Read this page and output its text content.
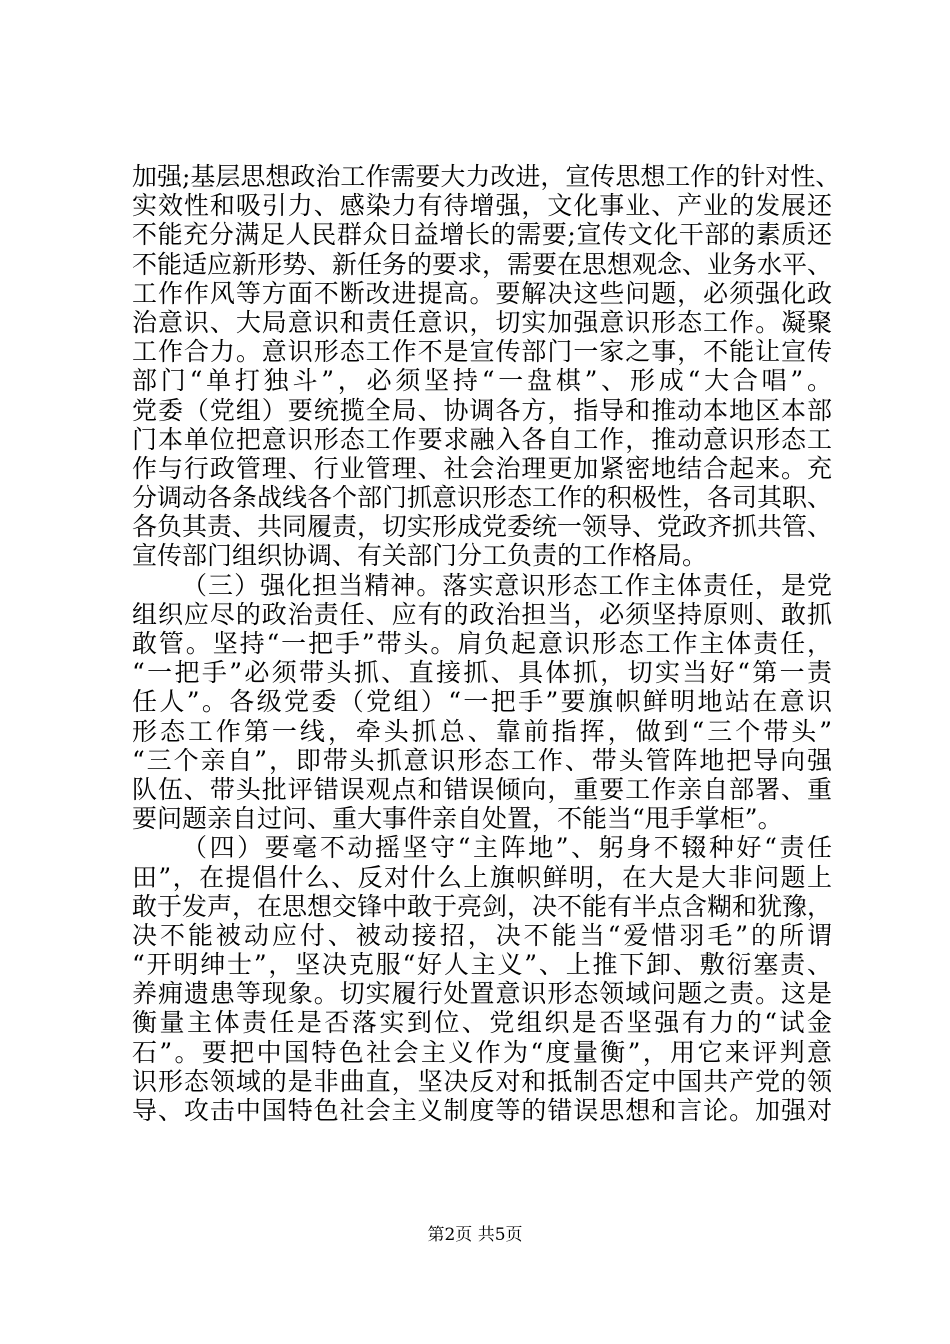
加强;基层思想政治工作需要大力改进，宣传思想工作的针对性、
实效性和吸引力、感染力有待增强，文化事业、产业的发展还
不能充分满足人民群众日益增长的需要;宣传文化干部的素质还
不能适应新形势、新任务的要求，需要在思想观念、业务水平、
工作作风等方面不断改进提高。要解决这些问题，必须强化政
治意识、大局意识和责任意识，切实加强意识形态工作。凝聚
工作合力。意识形态工作不是宣传部门一家之事，不能让宣传
部门“单打独斗”，必须坚持“一盘棋”、形成“大合唱”。
党委（党组）要统揽全局、协调各方，指导和推动本地区本部
门本单位把意识形态工作要求融入各自工作，推动意识形态工
作与行政管理、行业管理、社会治理更加紧密地结合起来。充
分调动各条战线各个部门抓意识形态工作的积极性，各司其职、
各负其责、共同履责，切实形成党委统一领导、党政齐抓共管、
宣传部门组织协调、有关部门分工负责的工作格局。
（三）强化担当精神。落实意识形态工作主体责任，是党
组织应尽的政治责任、应有的政治担当，必须坚持原则、敢抓
敢管。坚持“一把手”带头。肩负起意识形态工作主体责任，
“一把手”必须带头抓、直接抓、具体抓，切实当好“第一责
任人”。各级党委（党组）“一把手”要旗帜鲜明地站在意识
形态工作第一线，牵头抓总、靠前指挥，做到“三个带头”
“三个亲自”，即带头抓意识形态工作、带头管阵地把导向强
队伍、带头批评错误观点和错误倾向，重要工作亲自部署、重
要问题亲自过问、重大事件亲自处置，不能当“甩手掌柜”。
（四）要毫不动摇坚守“主阵地”、躬身不辍种好“责任
田”，在提倡什么、反对什么上旗帜鲜明，在大是大非问题上
敢于发声，在思想交锋中敢于亮剑，决不能有半点含糊和犹豫，
决不能被动应付、被动接招，决不能当“爱惜羽毛”的所谓
“开明绅士”，坚决克服“好人主义”、上推下卸、敷衍塞责、
养痈遗患等现象。切实履行处置意识形态领域问题之责。这是
衡量主体责任是否落实到位、党组织是否坚强有力的“试金
石”。要把中国特色社会主义作为“度量衡”，用它来评判意
识形态领域的是非曲直，坚决反对和抵制否定中国共产党的领
导、攻击中国特色社会主义制度等的错误思想和言论。加强对
第2页 共5页
